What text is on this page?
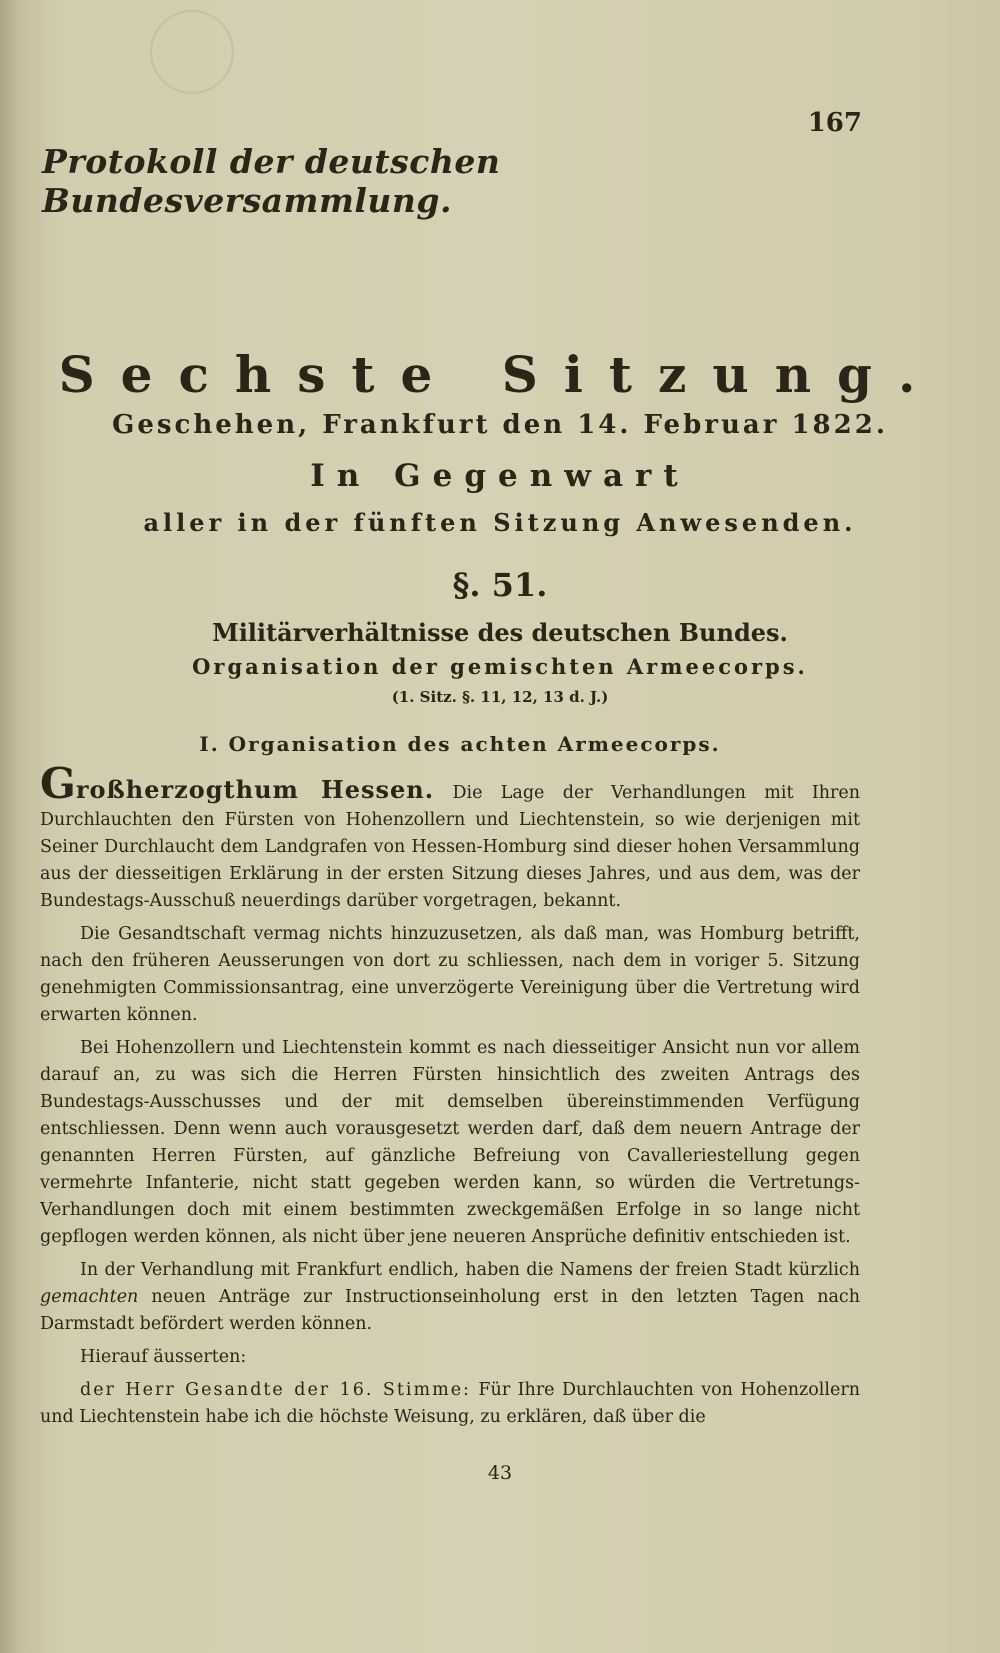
167
Protokoll der deutschen Bundesversammlung.
Sechste Sitzung.
Geschehen, Frankfurt den 14. Februar 1822.
In Gegenwart
aller in der fünften Sitzung Anwesenden.
§. 51.
Militärverhältnisse des deutschen Bundes.
Organisation der gemischten Armeecorps.
(1. Sitz. §. 11, 12, 13 d. J.)
I. Organisation des achten Armeecorps.

Großherzogthum Hessen. Die Lage der Verhandlungen mit Ihren Durchlauchten den Fürsten von Hohenzollern und Liechtenstein, so wie derjenigen mit Seiner Durchlaucht dem Landgrafen von Hessen-Homburg sind dieser hohen Versammlung aus der diesseitigen Erklärung in der ersten Sitzung dieses Jahres, und aus dem, was der Bundestags-Ausschuß neuerdings darüber vorgetragen, bekannt.

Die Gesandtschaft vermag nichts hinzuzusetzen, als daß man, was Homburg betrifft, nach den früheren Aeusserungen von dort zu schliessen, nach dem in voriger 5. Sitzung genehmigten Commissionsantrag, eine unverzögerte Vereinigung über die Vertretung wird erwarten können.

Bei Hohenzollern und Liechtenstein kommt es nach diesseitiger Ansicht nun vor allem darauf an, zu was sich die Herren Fürsten hinsichtlich des zweiten Antrags des Bundestags-Ausschusses und der mit demselben übereinstimmenden Verfügung entschliessen. Denn wenn auch vorausgesetzt werden darf, daß dem neuern Antrage der genannten Herren Fürsten, auf gänzliche Befreiung von Cavalleriestellung gegen vermehrte Infanterie, nicht statt gegeben werden kann, so würden die Vertretungs-Verhandlungen doch mit einem bestimmten zweckgemäßen Erfolge in so lange nicht gepflogen werden können, als nicht über jene neueren Ansprüche definitiv entschieden ist.

In der Verhandlung mit Frankfurt endlich, haben die Namens der freien Stadt kürzlich gemachten neuen Anträge zur Instructionseinholung erst in den letzten Tagen nach Darmstadt befördert werden können.

Hierauf äusserten:

der Herr Gesandte der 16. Stimme: Für Ihre Durchlauchten von Hohenzollern und Liechtenstein habe ich die höchste Weisung, zu erklären, daß über die

43
